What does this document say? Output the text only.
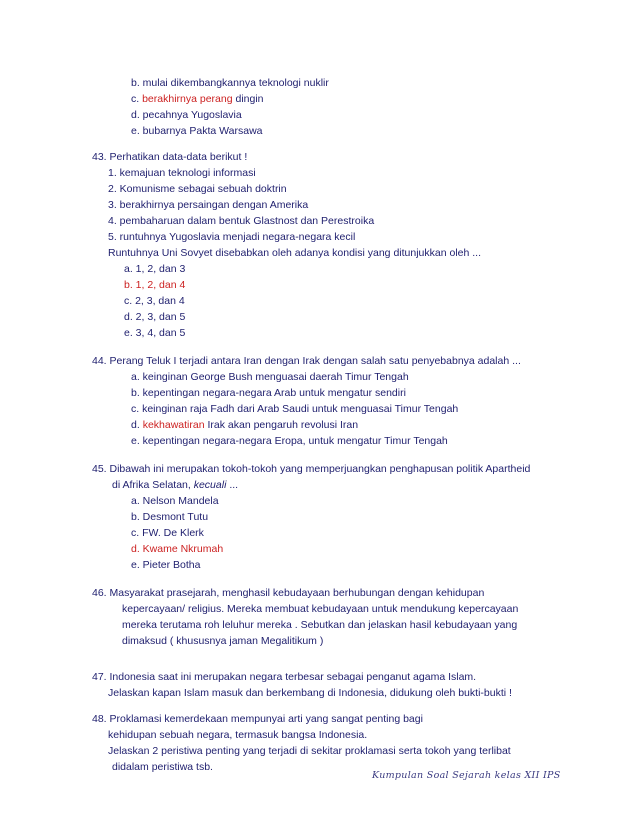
b. mulai dikembangkannya teknologi nuklir
c. berakhirnya perang dingin
d. pecahnya Yugoslavia
e. bubarnya Pakta Warsawa
43. Perhatikan data-data berikut !
1. kemajuan teknologi informasi
2. Komunisme sebagai sebuah doktrin
3. berakhirnya persaingan dengan Amerika
4. pembaharuan dalam bentuk Glastnost dan Perestroika
5. runtuhnya Yugoslavia menjadi negara-negara kecil
Runtuhnya Uni Sovyet disebabkan oleh adanya kondisi yang ditunjukkan oleh ...
a. 1, 2, dan 3
b. 1, 2, dan 4
c. 2, 3, dan 4
d. 2, 3, dan 5
e. 3, 4, dan 5
44. Perang Teluk I terjadi antara Iran dengan Irak dengan salah satu penyebabnya adalah ...
a. keinginan George Bush menguasai daerah Timur Tengah
b. kepentingan negara-negara Arab untuk mengatur sendiri
c. keinginan raja Fadh dari Arab Saudi untuk menguasai Timur Tengah
d. kekhawatiran Irak akan pengaruh revolusi Iran
e. kepentingan negara-negara Eropa, untuk mengatur Timur Tengah
45. Dibawah ini merupakan tokoh-tokoh yang memperjuangkan penghapusan politik Apartheid
di Afrika Selatan, kecuali ...
a. Nelson Mandela
b. Desmont Tutu
c. FW. De Klerk
d. Kwame Nkrumah
e. Pieter Botha
46. Masyarakat prasejarah, menghasil kebudayaan berhubungan dengan kehidupan
kepercayaan/ religius. Mereka membuat kebudayaan untuk mendukung kepercayaan
mereka terutama roh leluhur mereka . Sebutkan dan jelaskan hasil kebudayaan yang
dimaksud ( khususnya jaman Megalitikum )
47. Indonesia saat ini merupakan negara terbesar sebagai penganut agama Islam.
Jelaskan kapan Islam masuk dan berkembang di Indonesia, didukung oleh bukti-bukti !
48. Proklamasi kemerdekaan mempunyai arti yang sangat penting bagi
kehidupan sebuah negara, termasuk bangsa Indonesia.
Jelaskan 2 peristiwa penting yang terjadi di sekitar proklamasi serta tokoh yang terlibat
didalam peristiwa tsb.
Kumpulan Soal Sejarah kelas XII IPS
